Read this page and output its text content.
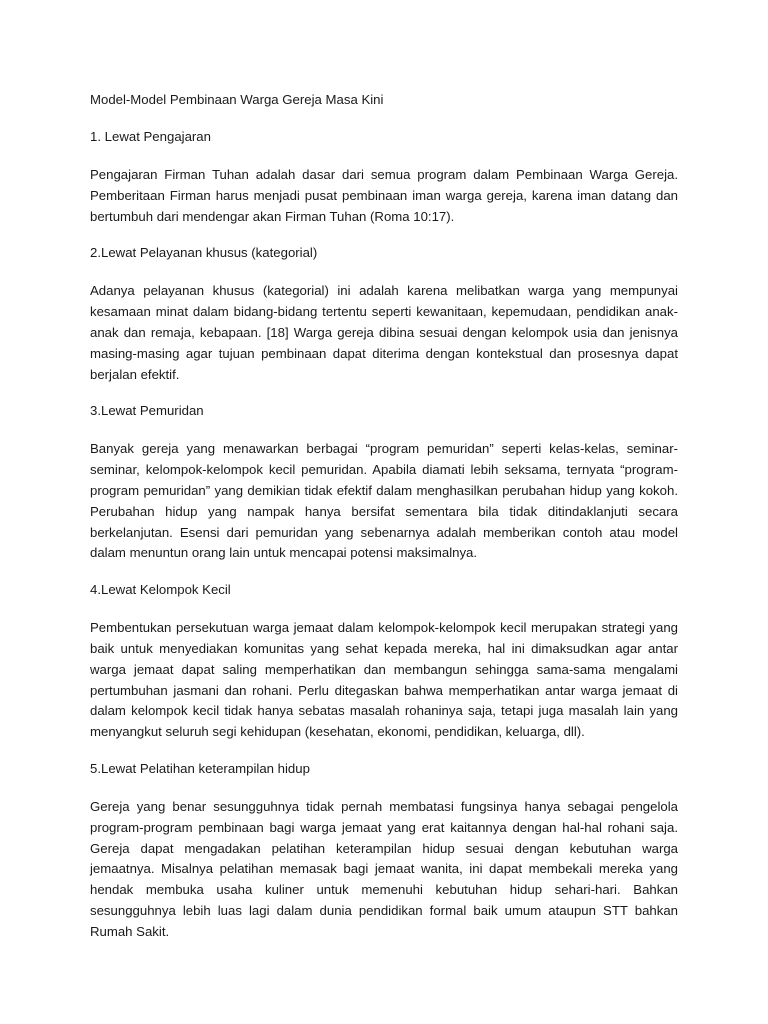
Model-Model Pembinaan Warga Gereja Masa Kini
1. Lewat Pengajaran

Pengajaran Firman Tuhan adalah dasar dari semua program dalam Pembinaan Warga Gereja. Pemberitaan Firman harus menjadi pusat pembinaan iman warga gereja, karena iman datang dan bertumbuh dari mendengar akan Firman Tuhan (Roma 10:17).

2.Lewat Pelayanan khusus (kategorial)

Adanya pelayanan khusus (kategorial) ini adalah karena melibatkan warga yang mempunyai kesamaan minat dalam bidang-bidang tertentu seperti kewanitaan, kepemudaan, pendidikan anak-anak dan remaja, kebapaan. [18] Warga gereja dibina sesuai dengan kelompok usia dan jenisnya masing-masing agar tujuan pembinaan dapat diterima dengan kontekstual dan prosesnya dapat berjalan efektif.

3.Lewat Pemuridan

Banyak gereja yang menawarkan berbagai “program pemuridan” seperti kelas-kelas, seminar-seminar, kelompok-kelompok kecil pemuridan. Apabila diamati lebih seksama, ternyata “program-program pemuridan” yang demikian tidak efektif dalam menghasilkan perubahan hidup yang kokoh. Perubahan hidup yang nampak hanya bersifat sementara bila tidak ditindaklanjuti secara berkelanjutan. Esensi dari pemuridan yang sebenarnya adalah memberikan contoh atau model dalam menuntun orang lain untuk mencapai potensi maksimalnya.

4.Lewat Kelompok Kecil

Pembentukan persekutuan warga jemaat dalam kelompok-kelompok kecil merupakan strategi yang baik untuk menyediakan komunitas yang sehat kepada mereka, hal ini dimaksudkan agar antar warga jemaat dapat saling memperhatikan dan membangun sehingga sama-sama mengalami pertumbuhan jasmani dan rohani. Perlu ditegaskan bahwa memperhatikan antar warga jemaat di dalam kelompok kecil tidak hanya sebatas masalah rohaninya saja, tetapi juga masalah lain yang menyangkut seluruh segi kehidupan (kesehatan, ekonomi, pendidikan, keluarga, dll).

5.Lewat Pelatihan keterampilan hidup

Gereja yang benar sesungguhnya tidak pernah membatasi fungsinya hanya sebagai pengelola program-program pembinaan bagi warga jemaat yang erat kaitannya dengan hal-hal rohani saja. Gereja dapat mengadakan pelatihan keterampilan hidup sesuai dengan kebutuhan warga jemaatnya. Misalnya pelatihan memasak bagi jemaat wanita, ini dapat membekali mereka yang hendak membuka usaha kuliner untuk memenuhi kebutuhan hidup sehari-hari. Bahkan sesungguhnya lebih luas lagi dalam dunia pendidikan formal baik umum ataupun STT bahkan Rumah Sakit.
